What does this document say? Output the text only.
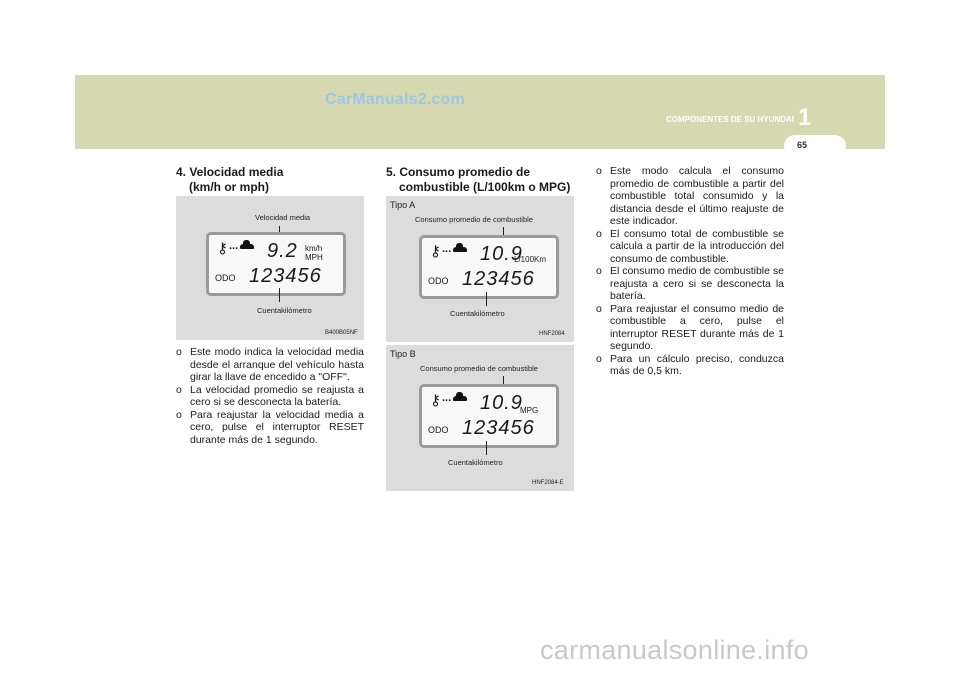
CarManuals2.com
COMPONENTES DE SU HYUNDAI 1
65
4. Velocidad media
(km/h or mph)
Velocidad media
⚷ ... 9.2 km/h
MPH
ODO 123456
Cuentakilómetro
B400B05NF
o Este modo indica la velocidad media desde el arranque del vehículo hasta girar la llave de encedido a "OFF".
o La velocidad promedio se reajusta a cero si se desconecta la batería.
o Para reajustar la velocidad media a cero, pulse el interruptor RESET durante más de 1 segundo.
5. Consumo promedio de
combustible (L/100km o MPG)
Tipo A
Consumo promedio de combustible
⚷ ... 10.9
L/100Km
ODO 123456
Cuentakilómetro
HNF2084
Tipo B
Consumo promedio de combustible
⚷ ... 10.9
MPG
ODO 123456
Cuentakilómetro
HNF2084-E
o Este modo calcula el consumo promedio de combustible a partir del combustible total consumido y la distancia desde el último reajuste de este indicador.
o El consumo total de combustible se calcula a partir de la introducción del consumo de combustible.
o El consumo medio de combustible se reajusta a cero si se desconecta la batería.
o Para reajustar el consumo medio de combustible a cero, pulse el interruptor RESET durante más de 1 segundo.
o Para un cálculo preciso, conduzca más de 0,5 km.
carmanualsonline.info
